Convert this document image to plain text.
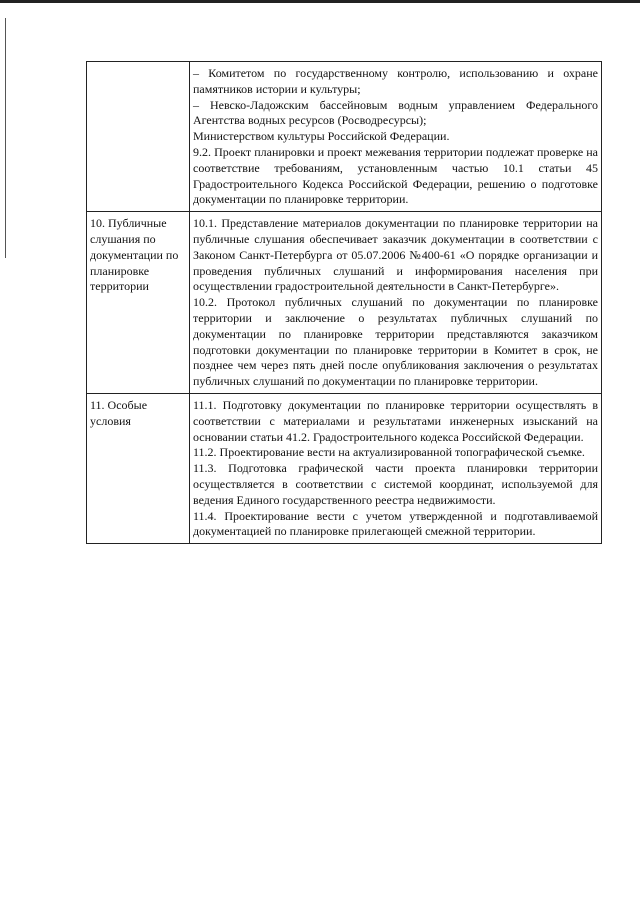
	– Комитетом по государственному контролю, использованию и охране памятников истории и культуры;

– Невско-Ладожским бассейновым водным управлением Федерального Агентства водных ресурсов (Росводресурсы);

Министерством культуры Российской Федерации.

9.2. Проект планировки и проект межевания территории подлежат проверке на соответствие требованиям, установленным частью 10.1 статьи 45 Градостроительного Кодекса Российской Федерации, решению о подготовке документации по планировке территории.

10. Публичные слушания по документации по планировке территории	10.1. Представление материалов документации по планировке территории на публичные слушания обеспечивает заказчик документации в соответствии с Законом Санкт-Петербурга от 05.07.2006 №400-61 «О порядке организации и проведения публичных слушаний и информирования населения при осуществлении градостроительной деятельности в Санкт-Петербурге».

10.2. Протокол публичных слушаний по документации по планировке территории и заключение о результатах публичных слушаний по документации по планировке территории представляются заказчиком подготовки документации по планировке территории в Комитет в срок, не позднее чем через пять дней после опубликования заключения о результатах публичных слушаний по документации по планировке территории.

11. Особые условия	11.1. Подготовку документации по планировке территории осуществлять в соответствии с материалами и результатами инженерных изысканий на основании статьи 41.2. Градостроительного кодекса Российской Федерации.

11.2. Проектирование вести на актуализированной топографической съемке.

11.3. Подготовка графической части проекта планировки территории осуществляется в соответствии с системой координат, используемой для ведения Единого государственного реестра недвижимости.

11.4. Проектирование вести с учетом утвержденной и подготавливаемой документацией по планировке прилегающей смежной территории.
